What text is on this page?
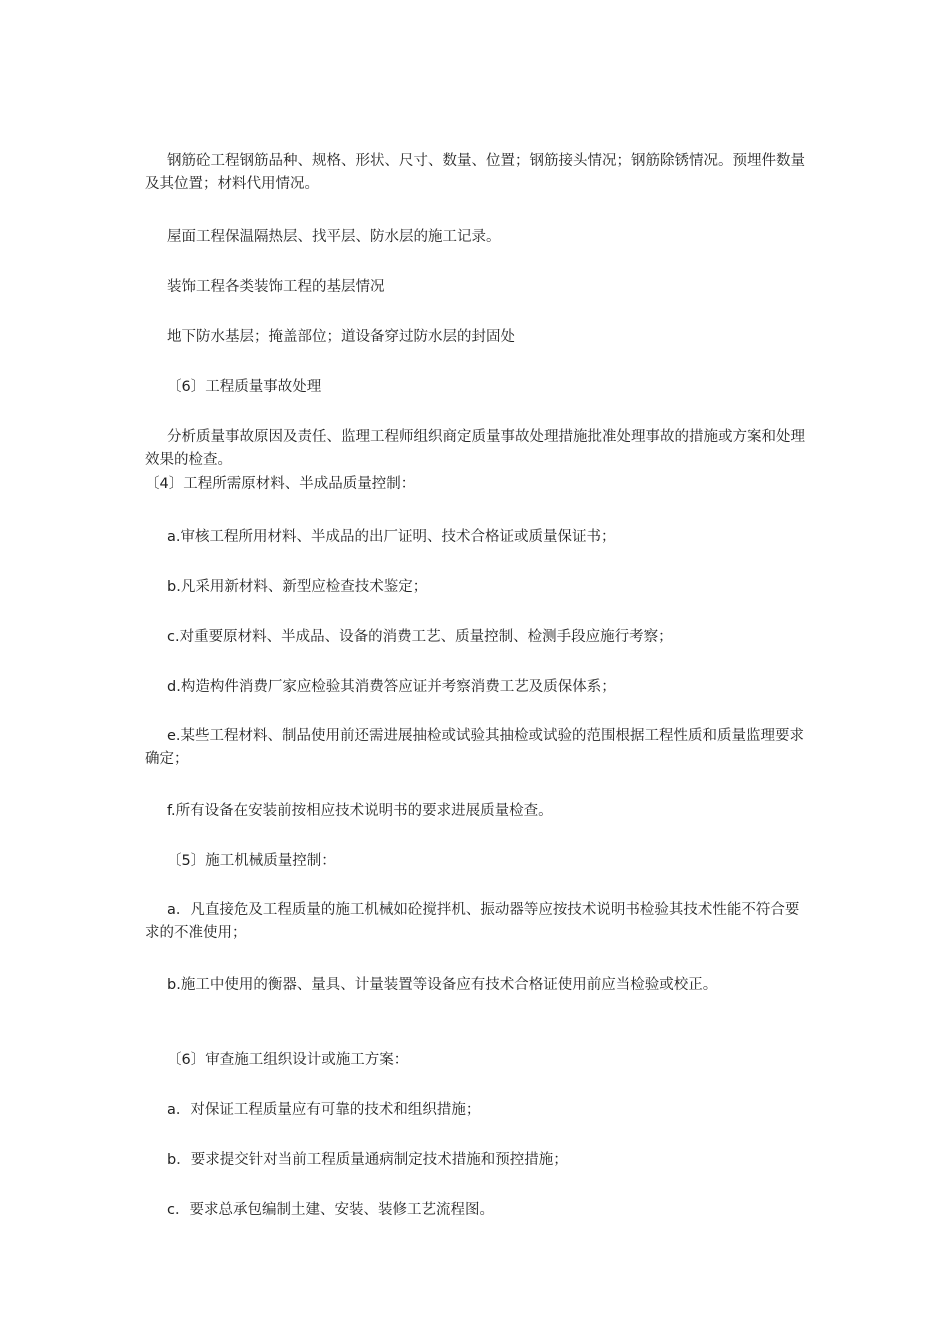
钢筋砼工程钢筋品种、规格、形状、尺寸、数量、位置；钢筋接头情况；钢筋除锈情况。预埋件数量及其位置；材料代用情况。
屋面工程保温隔热层、找平层、防水层的施工记录。
装饰工程各类装饰工程的基层情况
地下防水基层；掩盖部位；道设备穿过防水层的封固处
〔6〕工程质量事故处理
分析质量事故原因及责任、监理工程师组织商定质量事故处理措施批准处理事故的措施或方案和处理效果的检查。
〔4〕工程所需原材料、半成品质量控制：
a.审核工程所用材料、半成品的出厂证明、技术合格证或质量保证书；
b.凡采用新材料、新型应检查技术鉴定；
c.对重要原材料、半成品、设备的消费工艺、质量控制、检测手段应施行考察；
d.构造构件消费厂家应检验其消费答应证并考察消费工艺及质保体系；
e.某些工程材料、制品使用前还需进展抽检或试验其抽检或试验的范围根据工程性质和质量监理要求确定；
f.所有设备在安装前按相应技术说明书的要求进展质量检查。
〔5〕施工机械质量控制：
a．凡直接危及工程质量的施工机械如砼搅拌机、振动器等应按技术说明书检验其技术性能不符合要求的不准使用；
b.施工中使用的衡器、量具、计量装置等设备应有技术合格证使用前应当检验或校正。
〔6〕审查施工组织设计或施工方案：
a．对保证工程质量应有可靠的技术和组织措施；
b．要求提交针对当前工程质量通病制定技术措施和预控措施；
c．要求总承包编制土建、安装、装修工艺流程图。
